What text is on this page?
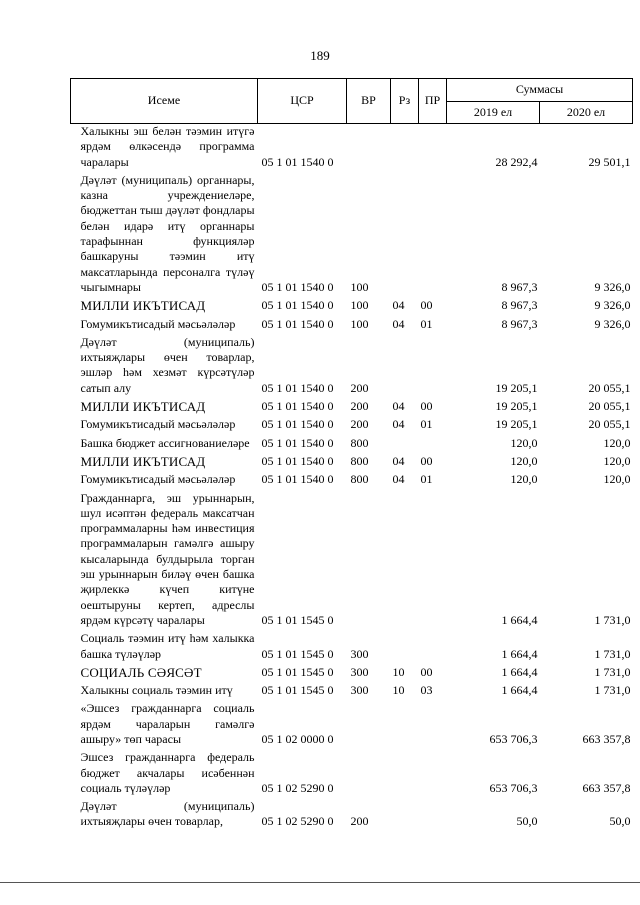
189
Исеме	ЦСР	ВР	Рз	ПР	Суммасы	
					2019 ел	2020 ел
Халыкны эш белән тәэмин итүгә ярдәм өлкәсендә программа чаралары	05 1 01 1540 0				28 292,4	29 501,1
Дәүләт (муниципаль) органнары, казна учреждениеләре, бюджеттан тыш дәүләт фондлары белән идарә итү органнары тарафыннан функцияләр башкаруны тәэмин итү максатларында персоналга түләү чыгымнары	05 1 01 1540 0	100			8 967,3	9 326,0
МИЛЛИ ИКЪТИСАД	05 1 01 1540 0	100	04	00	8 967,3	9 326,0
Гомумикътисадый мәсьәләләр	05 1 01 1540 0	100	04	01	8 967,3	9 326,0
Дәүләт (муниципаль) ихтыяҗлары өчен товарлар, эшләр һәм хезмәт күрсәтүләр сатып алу	05 1 01 1540 0	200			19 205,1	20 055,1
МИЛЛИ ИКЪТИСАД	05 1 01 1540 0	200	04	00	19 205,1	20 055,1
Гомумикътисадый мәсьәләләр	05 1 01 1540 0	200	04	01	19 205,1	20 055,1
Башка бюджет ассигнованиеләре	05 1 01 1540 0	800			120,0	120,0
МИЛЛИ ИКЪТИСАД	05 1 01 1540 0	800	04	00	120,0	120,0
Гомумикътисадый мәсьәләләр	05 1 01 1540 0	800	04	01	120,0	120,0
Гражданнарга, эш урыннарын, шул исәптән федераль максатчан программаларны һәм инвестиция программаларын гамәлгә ашыру кысаларында булдырыла торган эш урыннарын биләү өчен башка җирлеккә күчеп китүне оештыруны кертеп, адреслы ярдәм күрсәтү чаралары	05 1 01 1545 0				1 664,4	1 731,0
Социаль тәэмин итү һәм халыкка башка түләүләр	05 1 01 1545 0	300			1 664,4	1 731,0
СОЦИАЛЬ СӘЯСӘТ	05 1 01 1545 0	300	10	00	1 664,4	1 731,0
Халыкны социаль тәэмин итү	05 1 01 1545 0	300	10	03	1 664,4	1 731,0
«Эшсез гражданнарга социаль ярдәм чараларын гамәлгә ашыру» төп чарасы	05 1 02 0000 0				653 706,3	663 357,8
Эшсез гражданнарга федераль бюджет акчалары исәбеннән социаль түләүләр	05 1 02 5290 0				653 706,3	663 357,8
Дәүләт (муниципаль) ихтыяҗлары өчен товарлар,	05 1 02 5290 0	200			50,0	50,0
